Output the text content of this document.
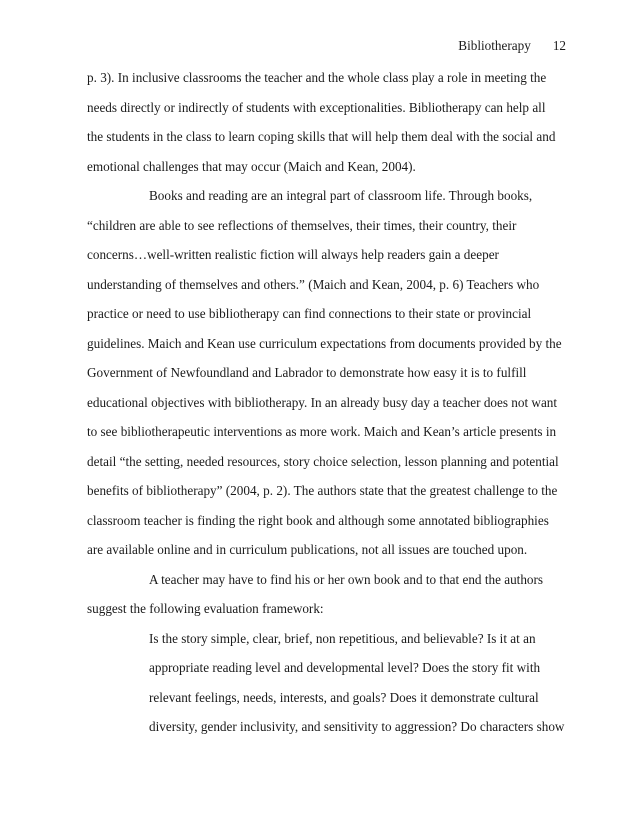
Bibliotherapy 12
p. 3). In inclusive classrooms the teacher and the whole class play a role in meeting the
needs directly or indirectly of students with exceptionalities. Bibliotherapy can help all
the students in the class to learn coping skills that will help them deal with the social and
emotional challenges that may occur (Maich and Kean, 2004).
Books and reading are an integral part of classroom life. Through books,
“children are able to see reflections of themselves, their times, their country, their
concerns…well-written realistic fiction will always help readers gain a deeper
understanding of themselves and others.” (Maich and Kean, 2004, p. 6) Teachers who
practice or need to use bibliotherapy can find connections to their state or provincial
guidelines. Maich and Kean use curriculum expectations from documents provided by the
Government of Newfoundland and Labrador to demonstrate how easy it is to fulfill
educational objectives with bibliotherapy. In an already busy day a teacher does not want
to see bibliotherapeutic interventions as more work. Maich and Kean’s article presents in
detail “the setting, needed resources, story choice selection, lesson planning and potential
benefits of bibliotherapy” (2004, p. 2). The authors state that the greatest challenge to the
classroom teacher is finding the right book and although some annotated bibliographies
are available online and in curriculum publications, not all issues are touched upon.
A teacher may have to find his or her own book and to that end the authors
suggest the following evaluation framework:
Is the story simple, clear, brief, non repetitious, and believable? Is it at an
appropriate reading level and developmental level? Does the story fit with
relevant feelings, needs, interests, and goals? Does it demonstrate cultural
diversity, gender inclusivity, and sensitivity to aggression? Do characters show
